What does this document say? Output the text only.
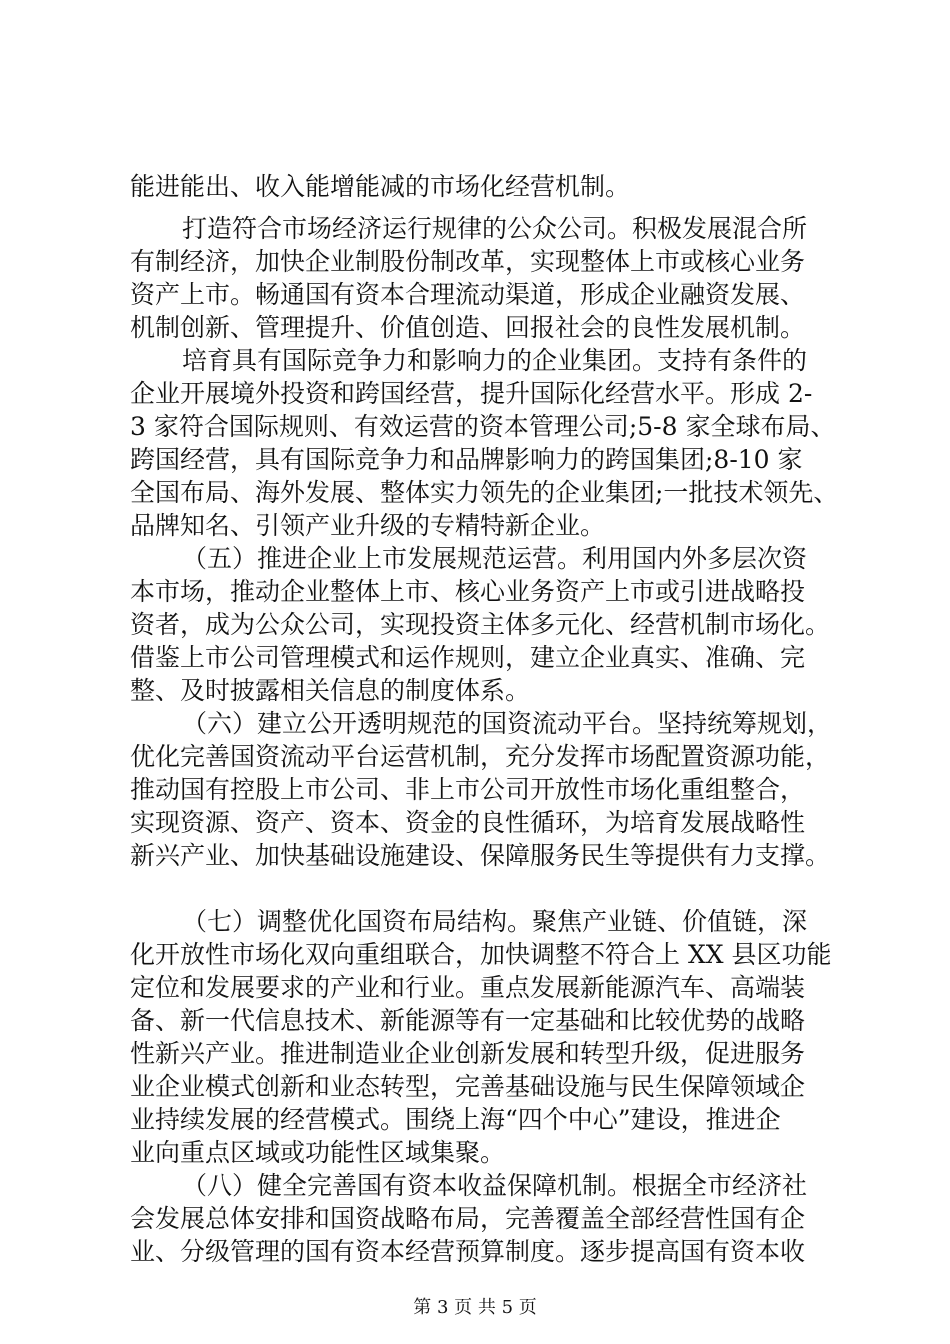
能进能出、收入能增能减的市场化经营机制。
打造符合市场经济运行规律的公众公司。积极发展混合所
有制经济，加快企业制股份制改革，实现整体上市或核心业务
资产上市。畅通国有资本合理流动渠道，形成企业融资发展、
机制创新、管理提升、价值创造、回报社会的良性发展机制。
培育具有国际竞争力和影响力的企业集团。支持有条件的
企业开展境外投资和跨国经营，提升国际化经营水平。形成 2-
3 家符合国际规则、有效运营的资本管理公司;5-8 家全球布局、
跨国经营，具有国际竞争力和品牌影响力的跨国集团;8-10 家
全国布局、海外发展、整体实力领先的企业集团;一批技术领先、
品牌知名、引领产业升级的专精特新企业。
（五）推进企业上市发展规范运营。利用国内外多层次资
本市场，推动企业整体上市、核心业务资产上市或引进战略投
资者，成为公众公司，实现投资主体多元化、经营机制市场化。
借鉴上市公司管理模式和运作规则，建立企业真实、准确、完
整、及时披露相关信息的制度体系。
（六）建立公开透明规范的国资流动平台。坚持统筹规划，
优化完善国资流动平台运营机制，充分发挥市场配置资源功能，
推动国有控股上市公司、非上市公司开放性市场化重组整合，
实现资源、资产、资本、资金的良性循环，为培育发展战略性
新兴产业、加快基础设施建设、保障服务民生等提供有力支撑。
（七）调整优化国资布局结构。聚焦产业链、价值链，深
化开放性市场化双向重组联合，加快调整不符合上 XX 县区功能
定位和发展要求的产业和行业。重点发展新能源汽车、高端装
备、新一代信息技术、新能源等有一定基础和比较优势的战略
性新兴产业。推进制造业企业创新发展和转型升级，促进服务
业企业模式创新和业态转型，完善基础设施与民生保障领域企
业持续发展的经营模式。围绕上海“四个中心”建设，推进企
业向重点区域或功能性区域集聚。
（八）健全完善国有资本收益保障机制。根据全市经济社
会发展总体安排和国资战略布局，完善覆盖全部经营性国有企
业、分级管理的国有资本经营预算制度。逐步提高国有资本收
第 3 页 共 5 页
